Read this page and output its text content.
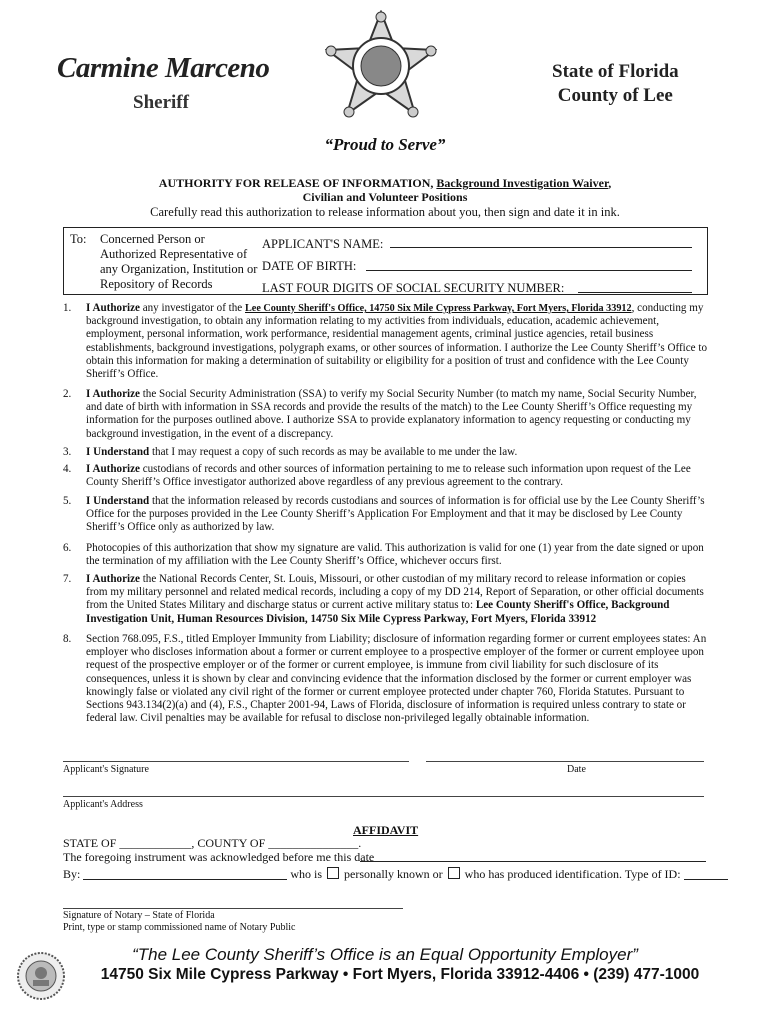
Carmine Marceno
Sheriff
State of Florida
County of Lee
“Proud to Serve”
AUTHORITY FOR RELEASE OF INFORMATION, Background Investigation Waiver,
Civilian and Volunteer Positions
Carefully read this authorization to release information about you, then sign and date it in ink.
To: Concerned Person or Authorized Representative of any Organization, Institution or Repository of Records
APPLICANT'S NAME:
DATE OF BIRTH:
LAST FOUR DIGITS OF SOCIAL SECURITY NUMBER:
1. I Authorize any investigator of the Lee County Sheriff's Office, 14750 Six Mile Cypress Parkway, Fort Myers, Florida 33912, conducting my background investigation, to obtain any information relating to my activities from individuals, education, academic achievement, employment, personal information, work performance, residential management agents, criminal justice agencies, retail business establishments, background investigations, polygraph exams, or other sources of information. I authorize the Lee County Sheriff’s Office to obtain this information for making a determination of suitability or eligibility for a position of trust and confidence with the Lee County Sheriff’s Office.
2. I Authorize the Social Security Administration (SSA) to verify my Social Security Number (to match my name, Social Security Number, and date of birth with information in SSA records and provide the results of the match) to the Lee County Sheriff’s Office requesting my information for the purposes outlined above. I authorize SSA to provide explanatory information to agency requesting or conducting my background investigation, in the event of a discrepancy.
3. I Understand that I may request a copy of such records as may be available to me under the law.
4. I Authorize custodians of records and other sources of information pertaining to me to release such information upon request of the Lee County Sheriff’s Office investigator authorized above regardless of any previous agreement to the contrary.
5. I Understand that the information released by records custodians and sources of information is for official use by the Lee County Sheriff’s Office for the purposes provided in the Lee County Sheriff’s Application For Employment and that it may be disclosed by Lee County Sheriff’s Office only as authorized by law.
6. Photocopies of this authorization that show my signature are valid. This authorization is valid for one (1) year from the date signed or upon the termination of my affiliation with the Lee County Sheriff’s Office, whichever occurs first.
7. I Authorize the National Records Center, St. Louis, Missouri, or other custodian of my military record to release information or copies from my military personnel and related medical records, including a copy of my DD 214, Report of Separation, or other official documents from the United States Military and discharge status or current active military status to: Lee County Sheriff's Office, Background Investigation Unit, Human Resources Division, 14750 Six Mile Cypress Parkway, Fort Myers, Florida 33912
8. Section 768.095, F.S., titled Employer Immunity from Liability; disclosure of information regarding former or current employees states: An employer who discloses information about a former or current employee to a prospective employer of the former or current employee upon request of the prospective employer or of the former or current employee, is immune from civil liability for such disclosure of its consequences, unless it is shown by clear and convincing evidence that the information disclosed by the former or current employer was knowingly false or violated any civil right of the former or current employee protected under chapter 760, Florida Statutes. Pursuant to Sections 943.134(2)(a) and (4), F.S., Chapter 2001-94, Laws of Florida, disclosure of information is required unless contrary to state or federal law. Civil penalties may be available for refusal to disclose non-privileged legally obtainable information.
Applicant's Signature	Date
Applicant's Address
AFFIDAVIT
STATE OF ____________, COUNTY OF _______________.
The foregoing instrument was acknowledged before me this date
By:	who is personally known or who has produced identification. Type of ID:
Signature of Notary – State of Florida
Print, type or stamp commissioned name of Notary Public
“The Lee County Sheriff’s Office is an Equal Opportunity Employer”
14750 Six Mile Cypress Parkway • Fort Myers, Florida 33912-4406 • (239) 477-1000
